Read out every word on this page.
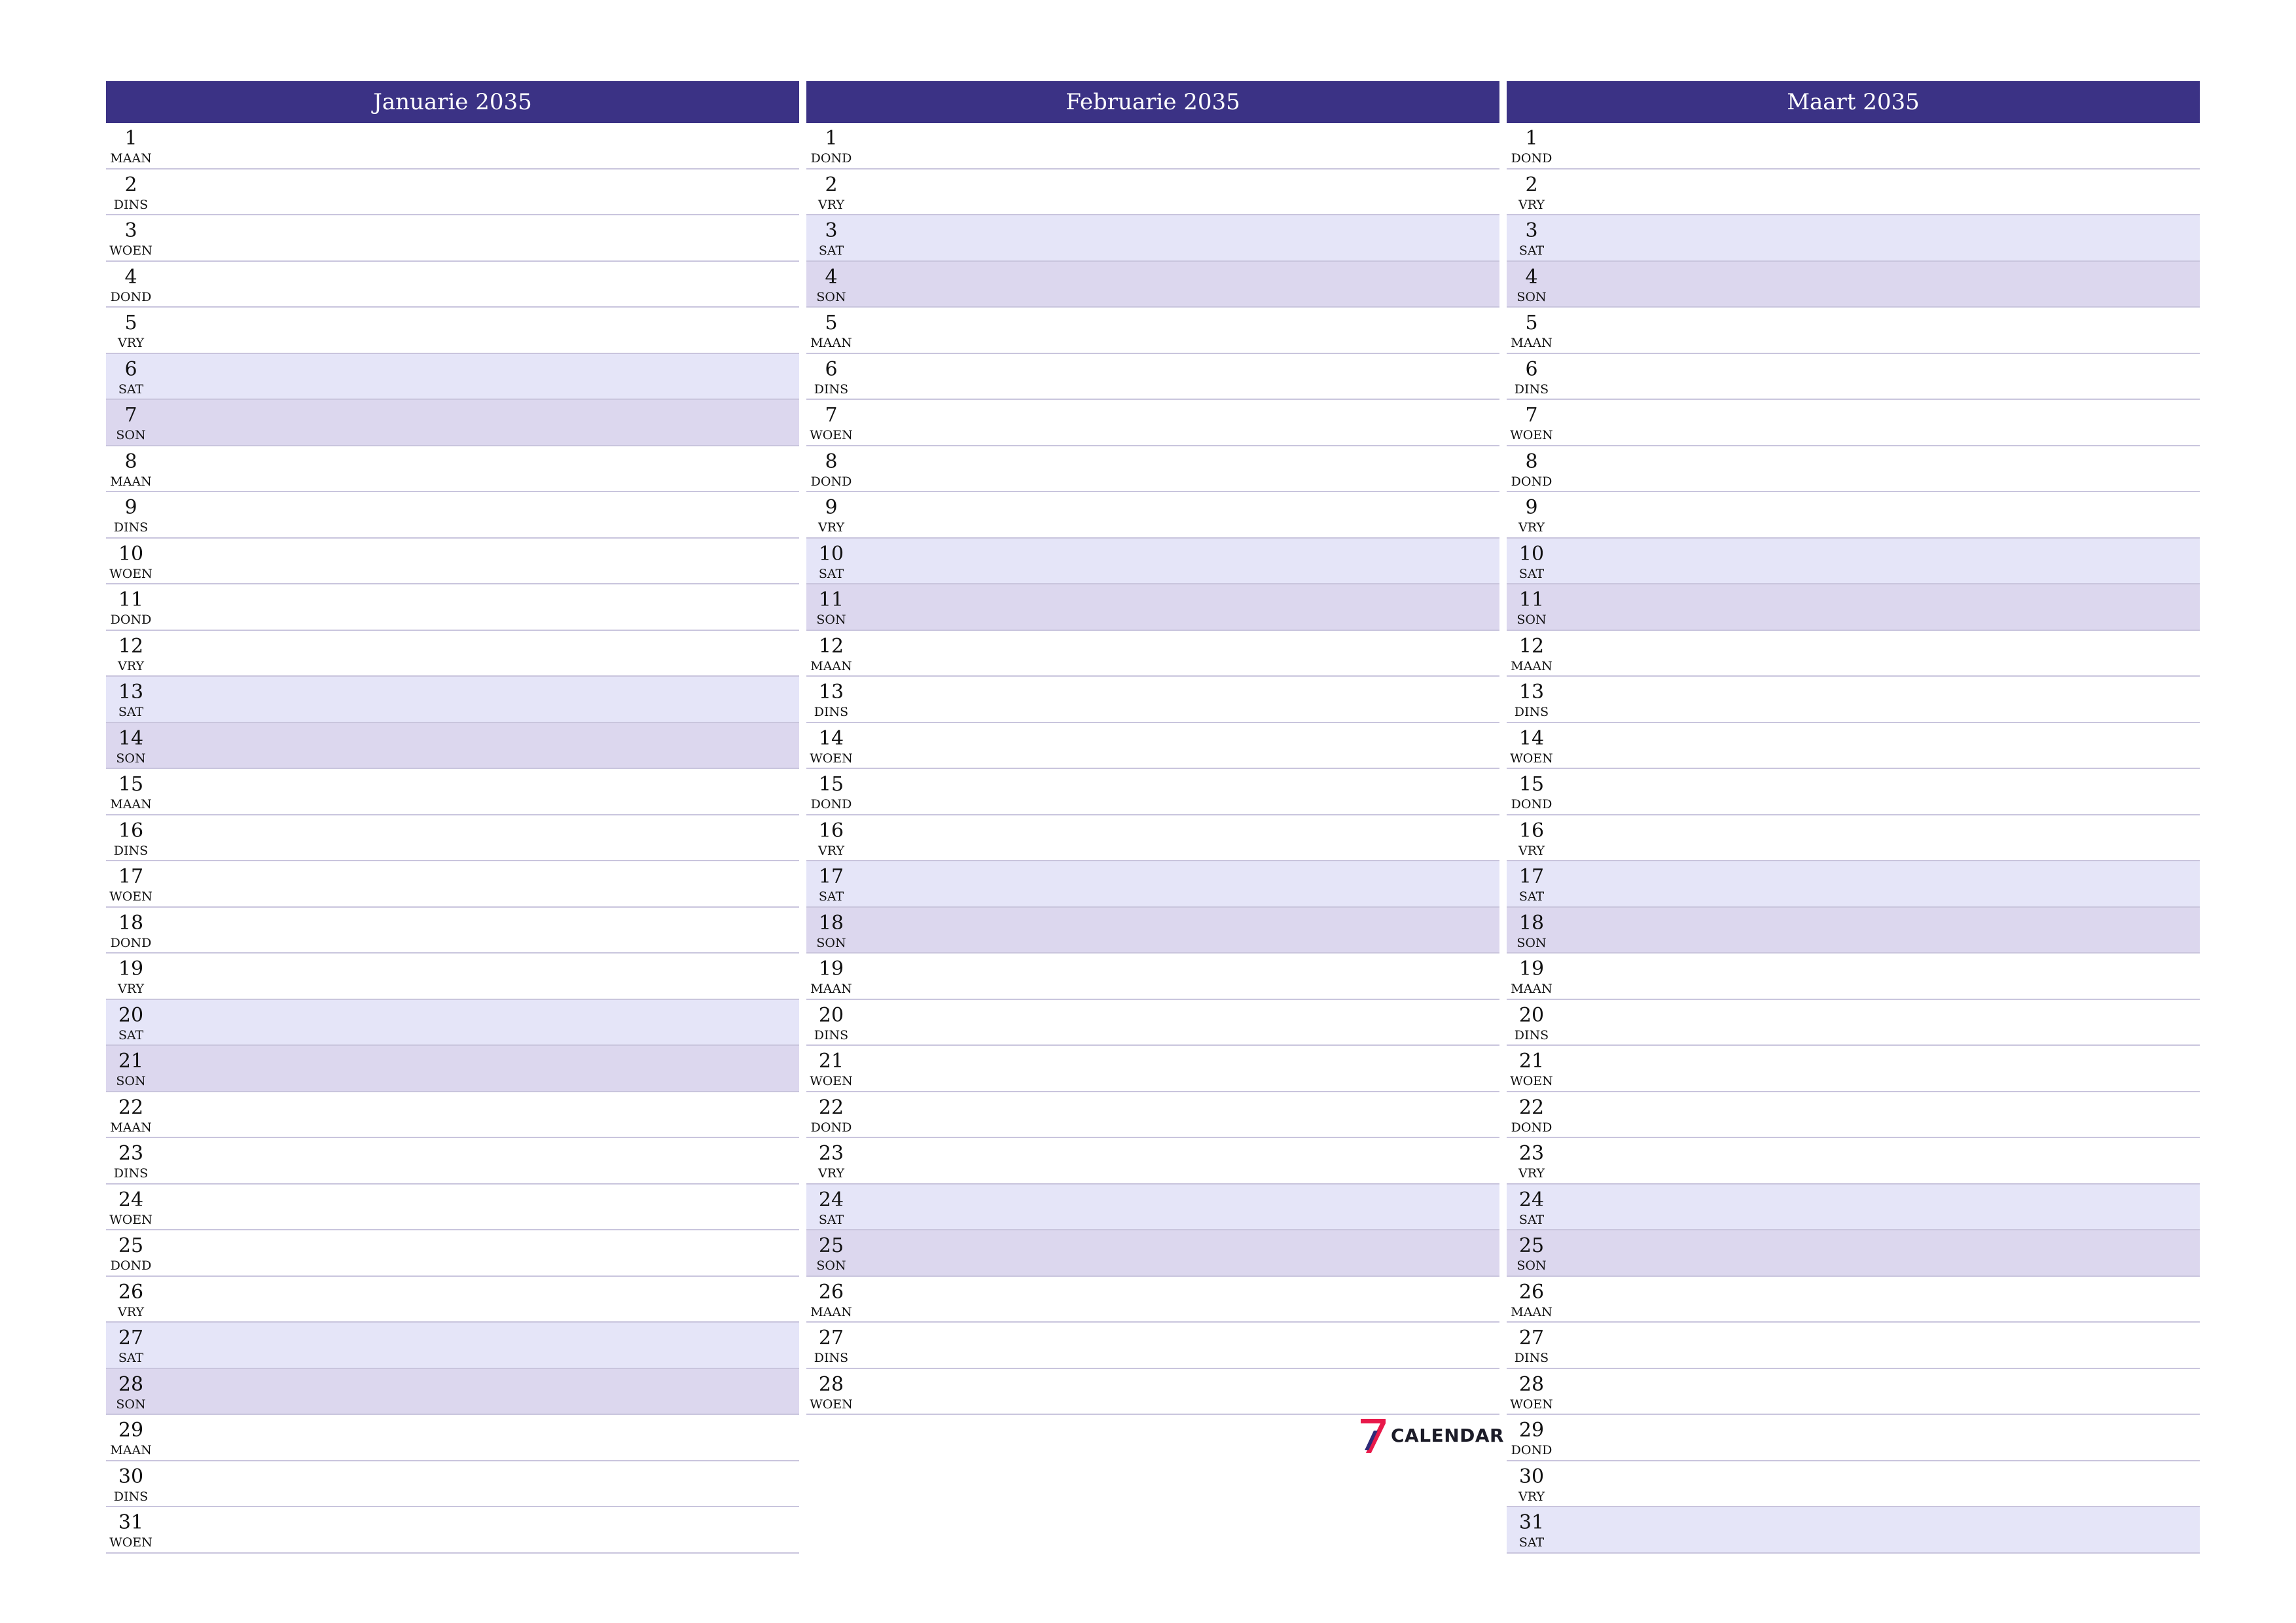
Januarie 2035
1
MAAN
2
DINS
3
WOEN
4
DOND
5
VRY
6
SAT
7
SON
8
MAAN
9
DINS
10
WOEN
11
DOND
12
VRY
13
SAT
14
SON
15
MAAN
16
DINS
17
WOEN
18
DOND
19
VRY
20
SAT
21
SON
22
MAAN
23
DINS
24
WOEN
25
DOND
26
VRY
27
SAT
28
SON
29
MAAN
30
DINS
31
WOEN
Februarie 2035
1
DOND
2
VRY
3
SAT
4
SON
5
MAAN
6
DINS
7
WOEN
8
DOND
9
VRY
10
SAT
11
SON
12
MAAN
13
DINS
14
WOEN
15
DOND
16
VRY
17
SAT
18
SON
19
MAAN
20
DINS
21
WOEN
22
DOND
23
VRY
24
SAT
25
SON
26
MAAN
27
DINS
28
WOEN
Maart 2035
1
DOND
2
VRY
3
SAT
4
SON
5
MAAN
6
DINS
7
WOEN
8
DOND
9
VRY
10
SAT
11
SON
12
MAAN
13
DINS
14
WOEN
15
DOND
16
VRY
17
SAT
18
SON
19
MAAN
20
DINS
21
WOEN
22
DOND
23
VRY
24
SAT
25
SON
26
MAAN
27
DINS
28
WOEN
29
DOND
30
VRY
31
SAT
CALENDAR
